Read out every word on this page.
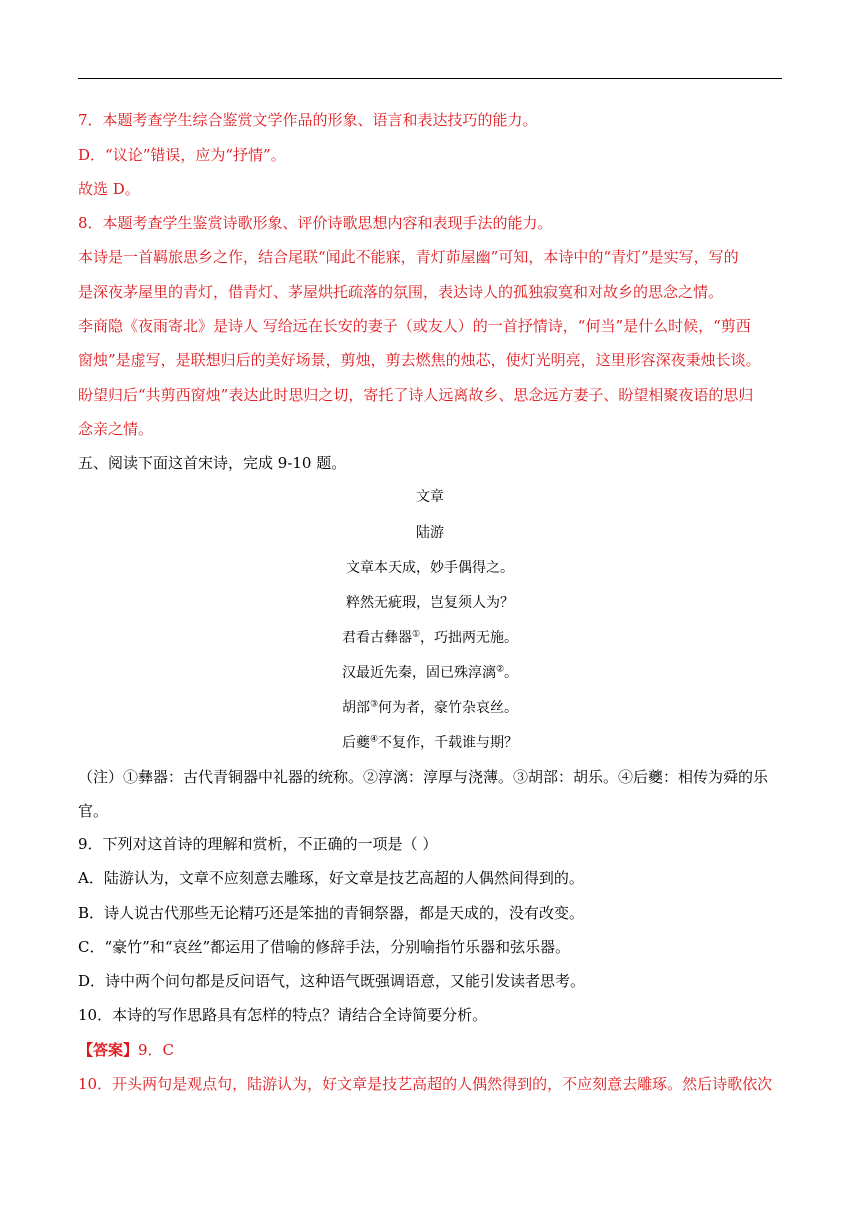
7．本题考查学生综合鉴赏文学作品的形象、语言和表达技巧的能力。
D．“议论”错误，应为“抒情”。
故选 D。
8．本题考查学生鉴赏诗歌形象、评价诗歌思想内容和表现手法的能力。
本诗是一首羁旅思乡之作，结合尾联“闻此不能寐，青灯茆屋幽”可知，本诗中的“青灯”是实写，写的
是深夜茅屋里的青灯，借青灯、茅屋烘托疏落的氛围，表达诗人的孤独寂寞和对故乡的思念之情。
李商隐《夜雨寄北》是诗人 写给远在长安的妻子（或友人）的一首抒情诗，“何当”是什么时候，“剪西
窗烛”是虚写，是联想归后的美好场景，剪烛，剪去燃焦的烛芯，使灯光明亮，这里形容深夜秉烛长谈。
盼望归后“共剪西窗烛”表达此时思归之切，寄托了诗人远离故乡、思念远方妻子、盼望相聚夜语的思归
念亲之情。
五、阅读下面这首宋诗，完成 9-10 题。
文章
陆游
文章本天成，妙手偶得之。
粹然无疵瑕，岂复须人为？
君看古彝器①，巧拙两无施。
汉最近先秦，固已殊淳漓②。
胡部③何为者，豪竹杂哀丝。
后夔④不复作，千载谁与期？
（注）①彝器：古代青铜器中礼器的统称。②淳漓：淳厚与浇薄。③胡部：胡乐。④后夔：相传为舜的乐
官。
9．下列对这首诗的理解和赏析，不正确的一项是（ ）
A．陆游认为，文章不应刻意去雕琢，好文章是技艺高超的人偶然间得到的。
B．诗人说古代那些无论精巧还是笨拙的青铜祭器，都是天成的，没有改变。
C．“豪竹”和“哀丝”都运用了借喻的修辞手法，分别喻指竹乐器和弦乐器。
D．诗中两个问句都是反问语气，这种语气既强调语意，又能引发读者思考。
10．本诗的写作思路具有怎样的特点？请结合全诗简要分析。
【答案】9．C
10．开头两句是观点句，陆游认为，好文章是技艺高超的人偶然得到的，不应刻意去雕琢。然后诗歌依次
